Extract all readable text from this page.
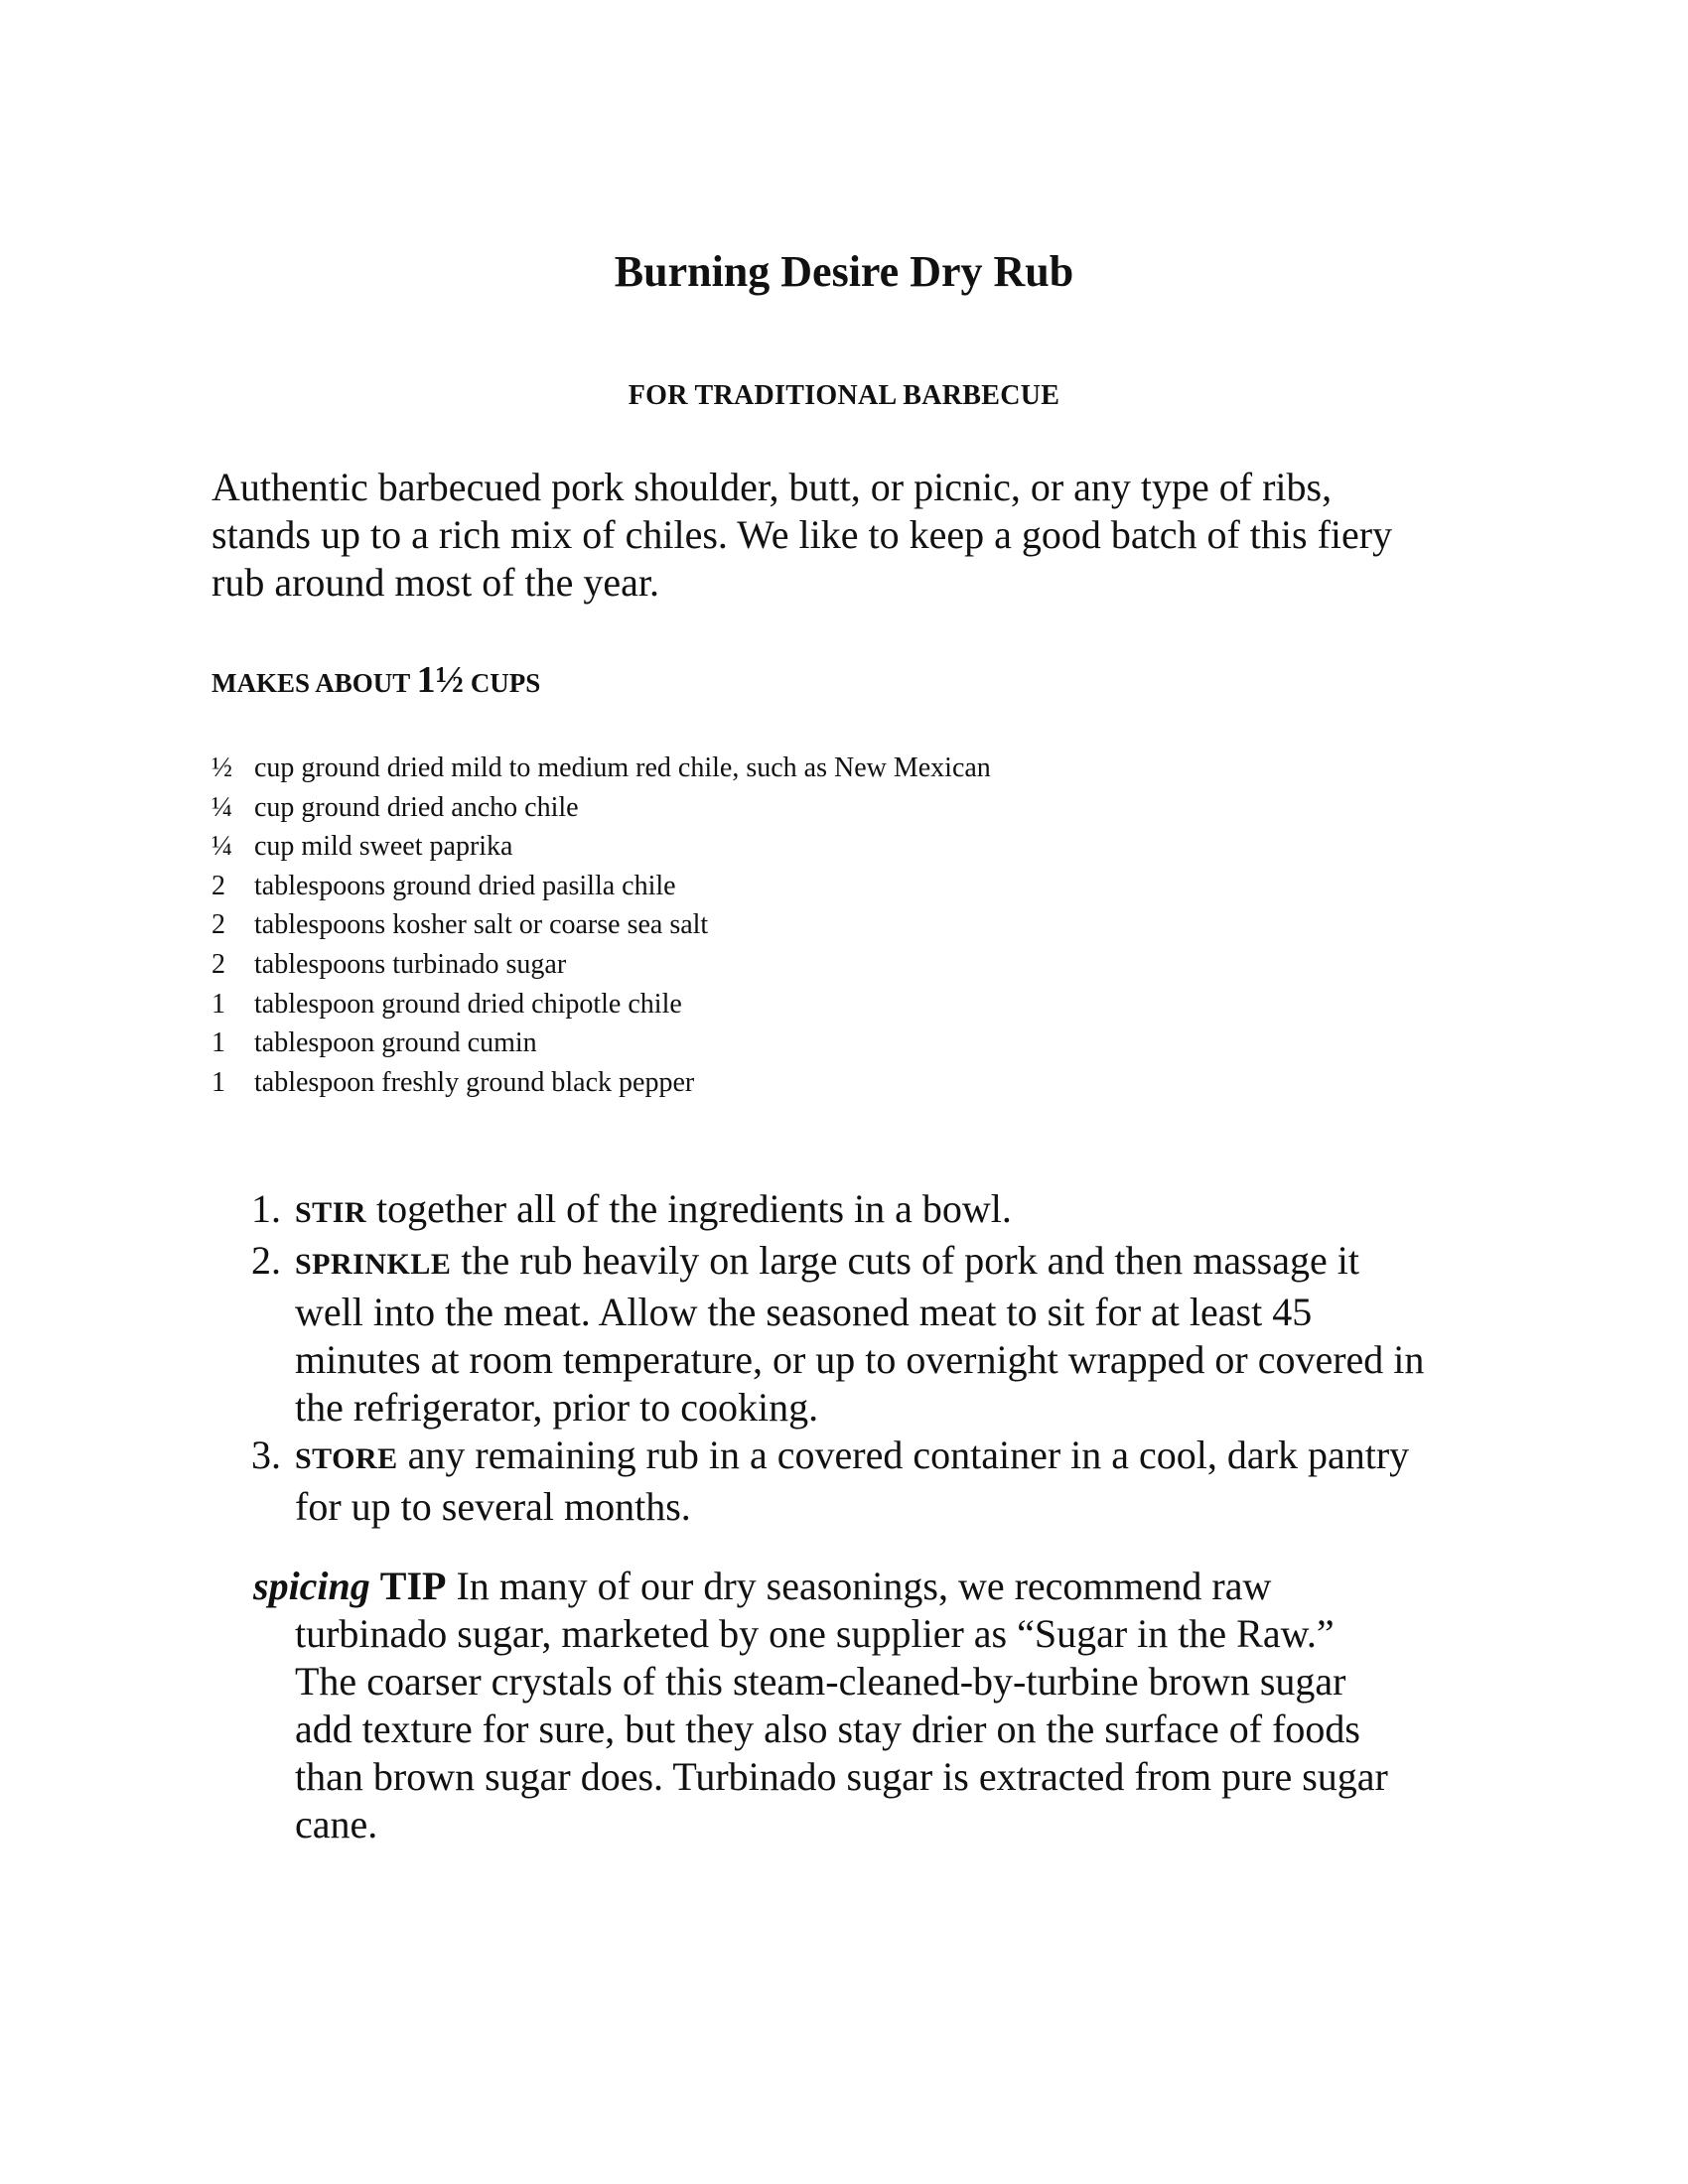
Burning Desire Dry Rub
FOR TRADITIONAL BARBECUE

Authentic barbecued pork shoulder, butt, or picnic, or any type of ribs,
stands up to a rich mix of chiles. We like to keep a good batch of this fiery
rub around most of the year.

MAKES ABOUT 1½ CUPS
½ cup ground dried mild to medium red chile, such as New Mexican
¼ cup ground dried ancho chile
¼ cup mild sweet paprika
2	tablespoons ground dried pasilla chile
2	tablespoons kosher salt or coarse sea salt
2	tablespoons turbinado sugar
1	tablespoon ground dried chipotle chile
1	tablespoon ground cumin
1	tablespoon freshly ground black pepper
1. STIR together all of the ingredients in a bowl.
2. SPRINKLE the rub heavily on large cuts of pork and then massage it
well into the meat. Allow the seasoned meat to sit for at least 45
minutes at room temperature, or up to overnight wrapped or covered in
the refrigerator, prior to cooking.
3. STORE any remaining rub in a covered container in a cool, dark pantry
for up to several months.

spicing TIP In many of our dry seasonings, we recommend raw
turbinado sugar, marketed by one supplier as “Sugar in the Raw.”
The coarser crystals of this steam-cleaned-by-turbine brown sugar
add texture for sure, but they also stay drier on the surface of foods
than brown sugar does. Turbinado sugar is extracted from pure sugar
cane.
